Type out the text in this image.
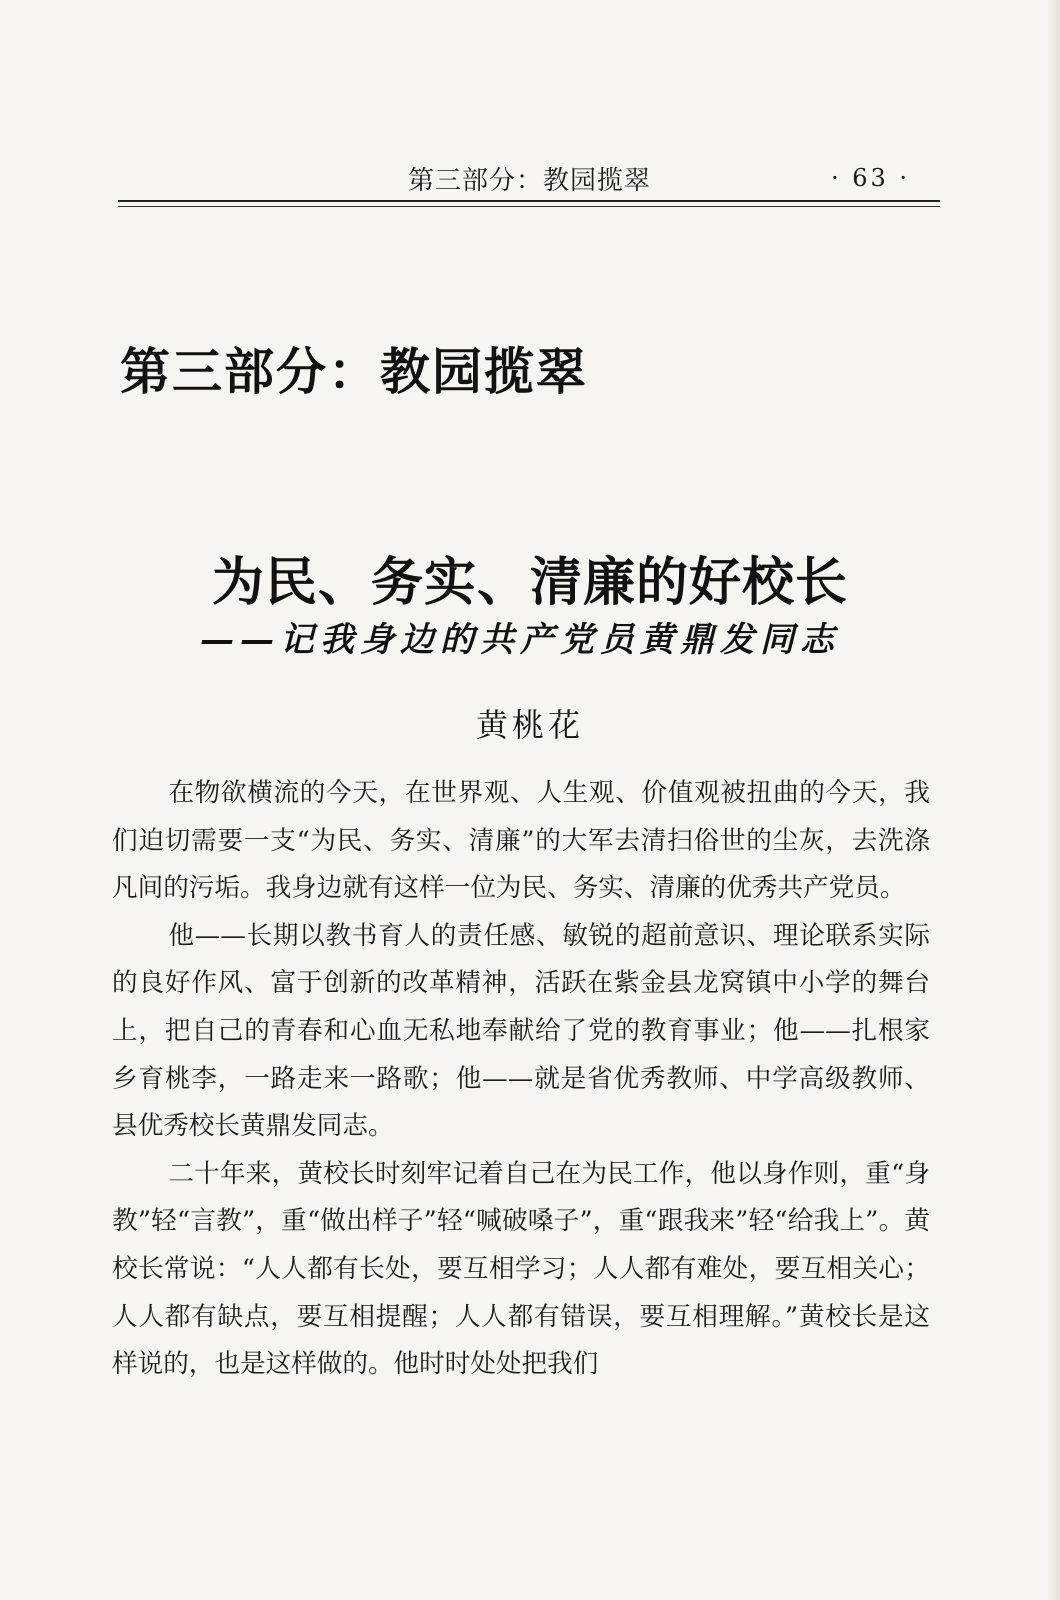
第三部分：教园揽翠	· 63 ·
第三部分：教园揽翠
为民、务实、清廉的好校长
——记我身边的共产党员黄鼎发同志
黄桃花

在物欲横流的今天，在世界观、人生观、价值观被扭曲的今天，我们迫切需要一支“为民、务实、清廉”的大军去清扫俗世的尘灰，去洗涤凡间的污垢。我身边就有这样一位为民、务实、清廉的优秀共产党员。

他——长期以教书育人的责任感、敏锐的超前意识、理论联系实际的良好作风、富于创新的改革精神，活跃在紫金县龙窝镇中小学的舞台上，把自己的青春和心血无私地奉献给了党的教育事业；他——扎根家乡育桃李，一路走来一路歌；他——就是省优秀教师、中学高级教师、县优秀校长黄鼎发同志。

二十年来，黄校长时刻牢记着自己在为民工作，他以身作则，重“身教”轻“言教”，重“做出样子”轻“喊破嗓子”，重“跟我来”轻“给我上”。黄校长常说：“人人都有长处，要互相学习；人人都有难处，要互相关心；人人都有缺点，要互相提醒；人人都有错误，要互相理解。”黄校长是这样说的，也是这样做的。他时时处处把我们
